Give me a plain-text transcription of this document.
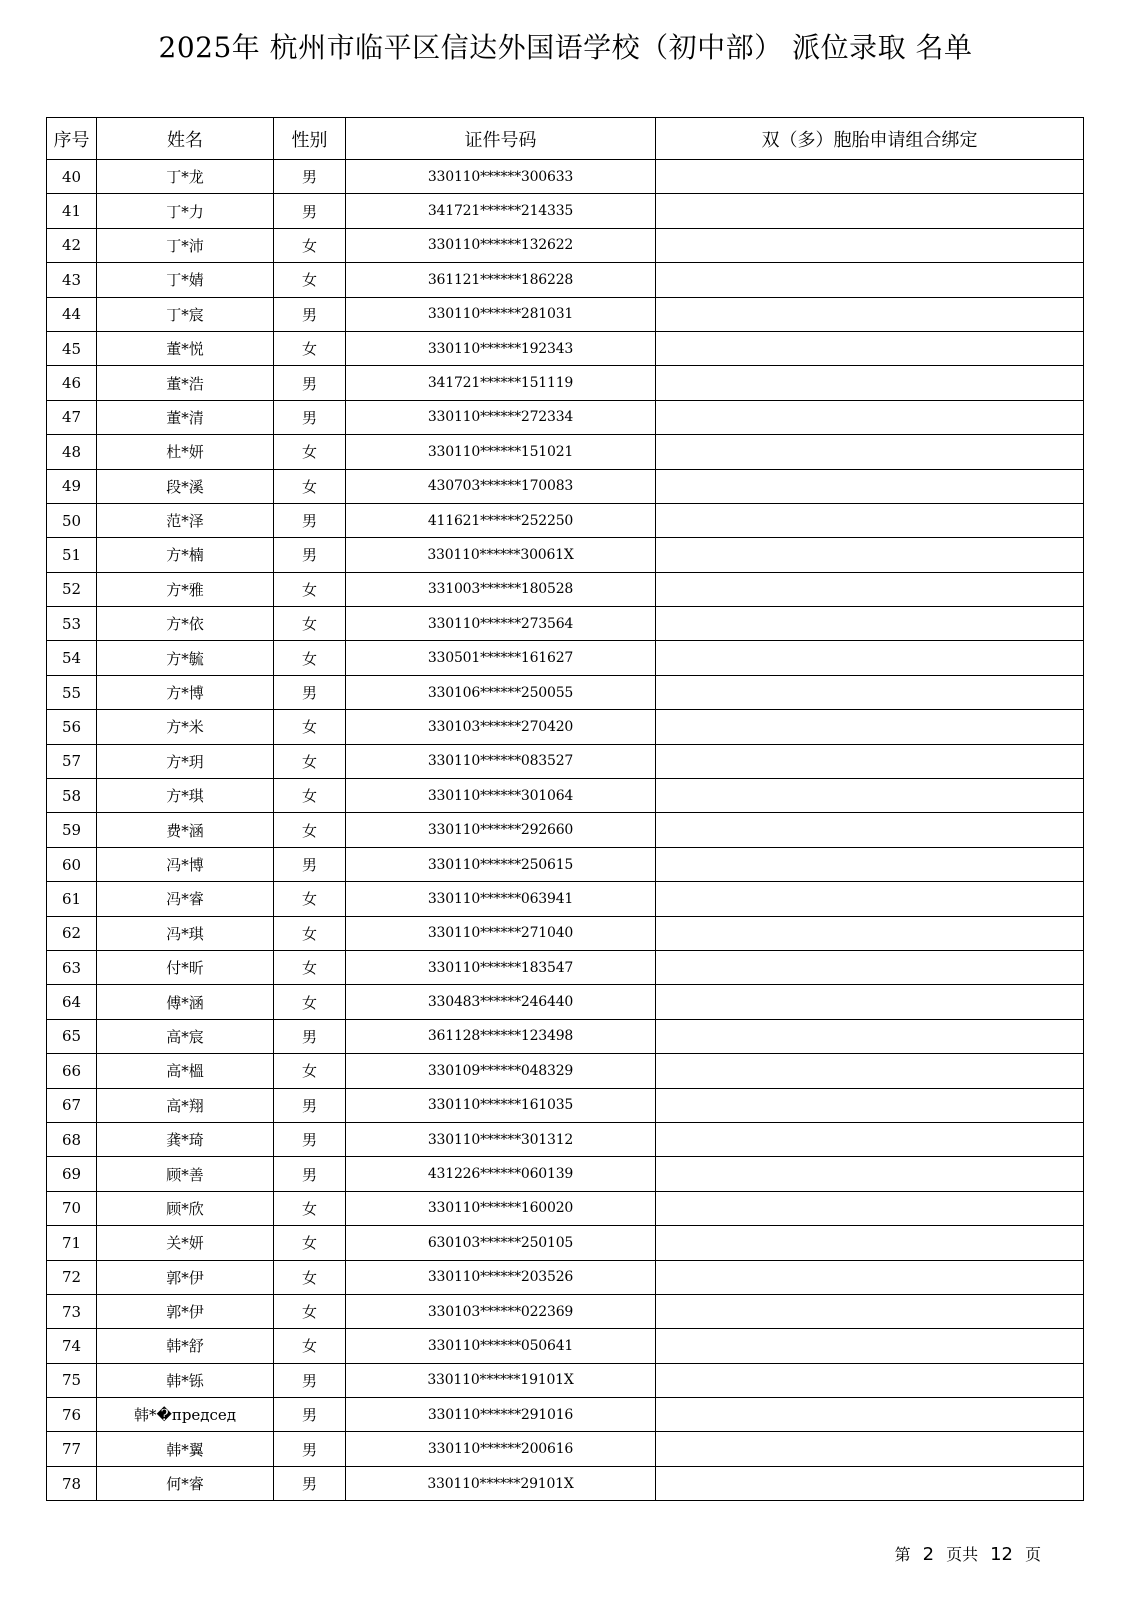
2025年 杭州市临平区信达外国语学校（初中部） 派位录取 名单
序号	姓名	性别	证件号码	双（多）胞胎申请组合绑定
40	丁*龙	男	330110******300633	
41	丁*力	男	341721******214335	
42	丁*沛	女	330110******132622	
43	丁*婧	女	361121******186228	
44	丁*宸	男	330110******281031	
45	董*悦	女	330110******192343	
46	董*浩	男	341721******151119	
47	董*清	男	330110******272334	
48	杜*妍	女	330110******151021	
49	段*溪	女	430703******170083	
50	范*泽	男	411621******252250	
51	方*楠	男	330110******30061X	
52	方*雅	女	331003******180528	
53	方*依	女	330110******273564	
54	方*毓	女	330501******161627	
55	方*博	男	330106******250055	
56	方*米	女	330103******270420	
57	方*玥	女	330110******083527	
58	方*琪	女	330110******301064	
59	费*涵	女	330110******292660	
60	冯*博	男	330110******250615	
61	冯*睿	女	330110******063941	
62	冯*琪	女	330110******271040	
63	付*昕	女	330110******183547	
64	傅*涵	女	330483******246440	
65	高*宸	男	361128******123498	
66	高*榲	女	330109******048329	
67	高*翔	男	330110******161035	
68	龚*琦	男	330110******301312	
69	顾*善	男	431226******060139	
70	顾*欣	女	330110******160020	
71	关*妍	女	630103******250105	
72	郭*伊	女	330110******203526	
73	郭*伊	女	330103******022369	
74	韩*舒	女	330110******050641	
75	韩*铄	男	330110******19101X	
76	韩*�председ	男	330110******291016	
77	韩*翼	男	330110******200616	
78	何*睿	男	330110******29101X	
第 2 页共 12 页
